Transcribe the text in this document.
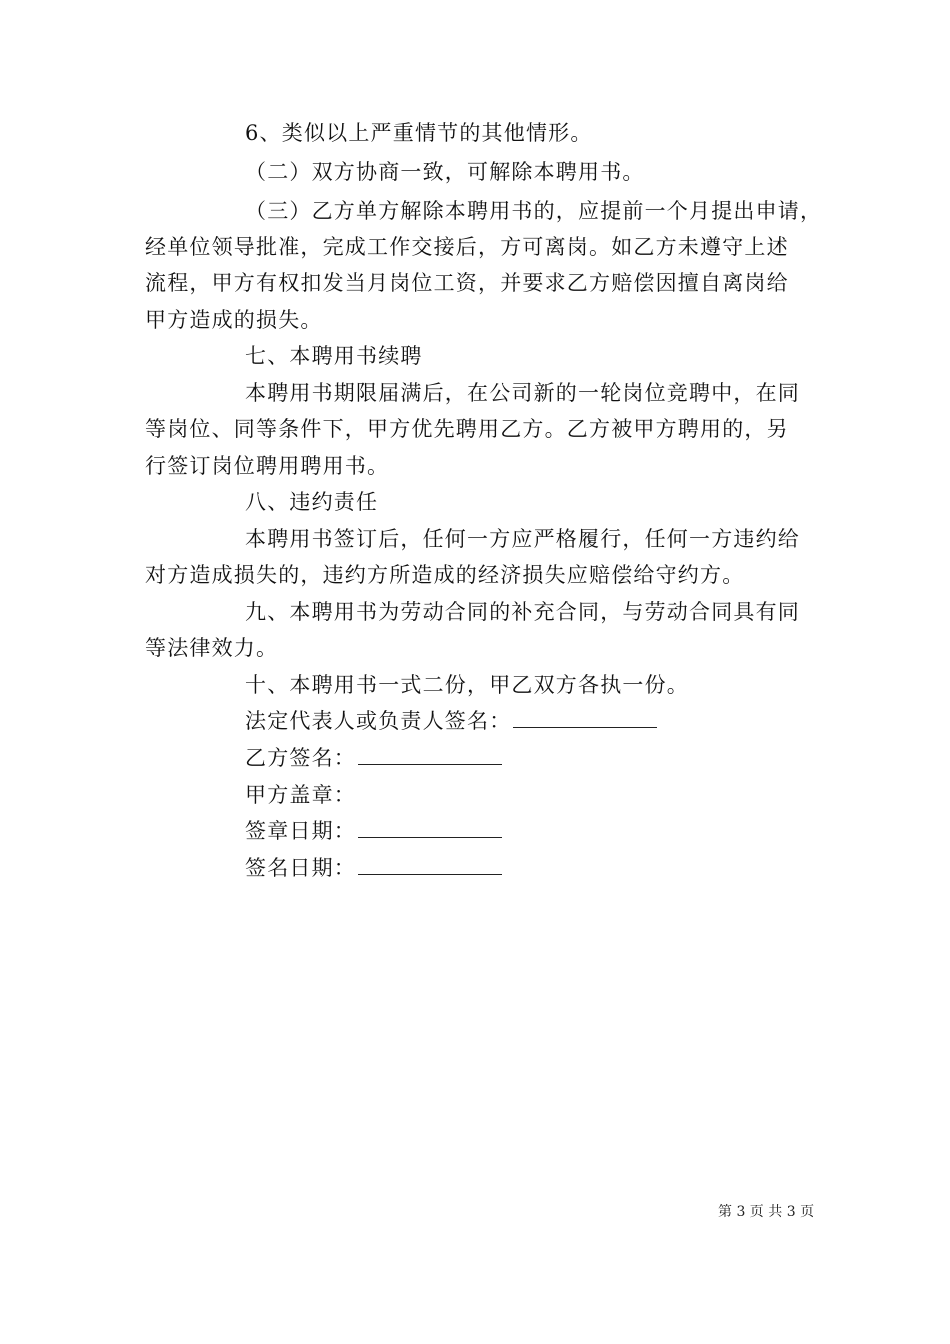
6、类似以上严重情节的其他情形。
（二）双方协商一致，可解除本聘用书。
（三）乙方单方解除本聘用书的，应提前一个月提出申请，
经单位领导批准，完成工作交接后，方可离岗。如乙方未遵守上述
流程，甲方有权扣发当月岗位工资，并要求乙方赔偿因擅自离岗给
甲方造成的损失。
七、本聘用书续聘
本聘用书期限届满后，在公司新的一轮岗位竞聘中，在同
等岗位、同等条件下，甲方优先聘用乙方。乙方被甲方聘用的，另
行签订岗位聘用聘用书。
八、违约责任
本聘用书签订后，任何一方应严格履行，任何一方违约给
对方造成损失的，违约方所造成的经济损失应赔偿给守约方。
九、本聘用书为劳动合同的补充合同，与劳动合同具有同
等法律效力。
十、本聘用书一式二份，甲乙双方各执一份。
法定代表人或负责人签名：
乙方签名：
甲方盖章：
签章日期：
签名日期：
第 3 页 共 3 页
